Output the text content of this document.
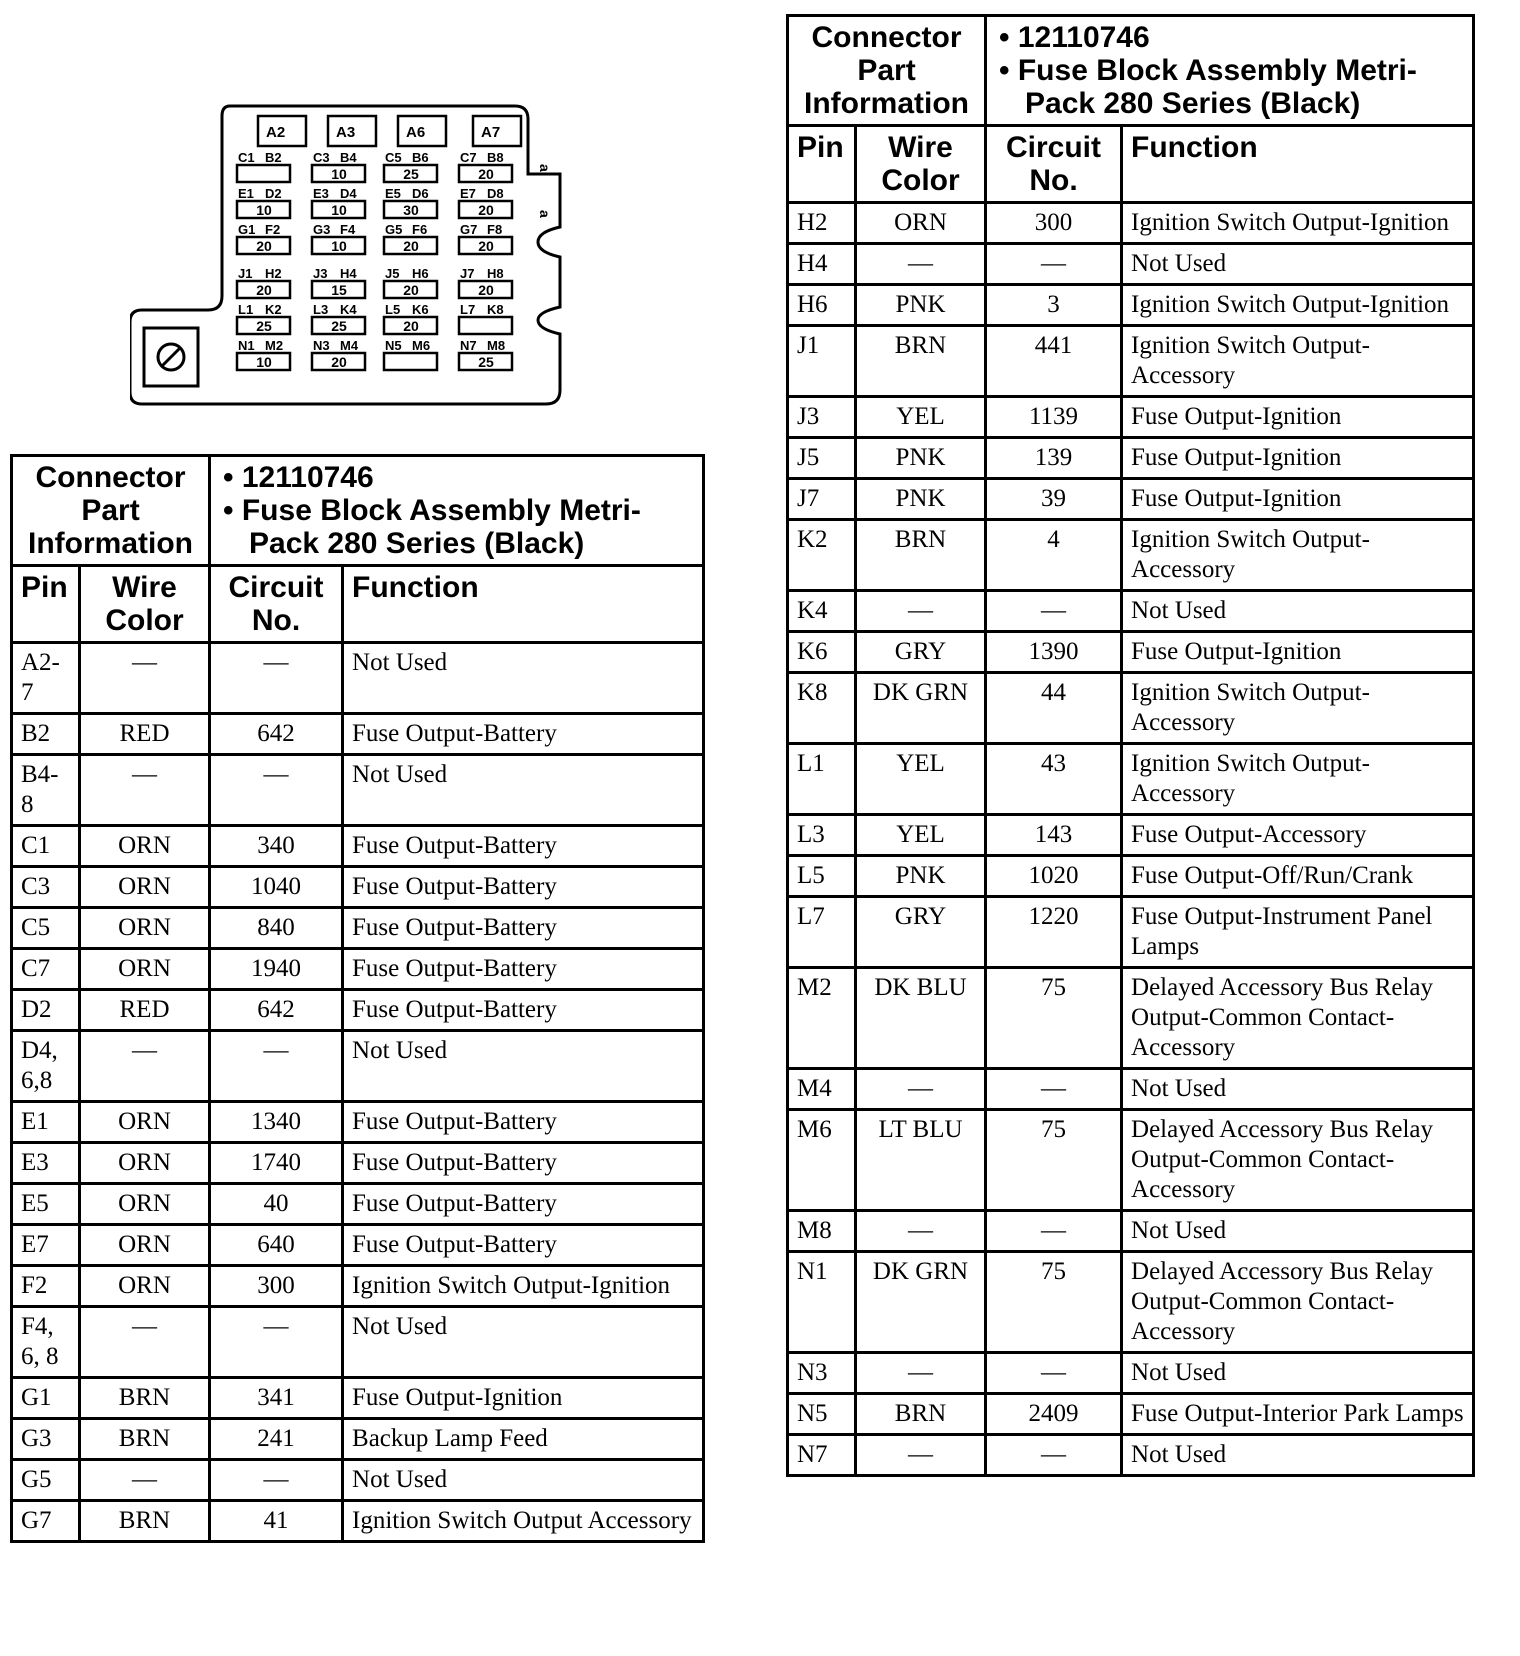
A2	A3	A6	A7
C1 B2 C3 B4
10
C5 B6
25
C7 B8
20
E1 D2
10
E3 D4
10
E5 D6
30
E7 D8
20
G1 F2
20
G3 F4
10
G5 F6
20
G7 F8
20
J1 H2
20
J3 H4
15
J5 H6
20
J7 H8
20
L1 K2
25
L3 K4
25
L5 K6
20
L7 K8
N1 M2
10
N3 M4
20
N5 M6 N7 M8
25
a
a
Connector Part Information		• 12110746
• Fuse Block Assembly Metri-Pack 280 Series (Black)	

Pin	Wire Color	Circuit No.	Function
A2-7	—	—	Not Used
B2	RED	642	Fuse Output-Battery
B4-8	—	—	Not Used
C1	ORN	340	Fuse Output-Battery
C3	ORN	1040	Fuse Output-Battery
C5	ORN	840	Fuse Output-Battery
C7	ORN	1940	Fuse Output-Battery
D2	RED	642	Fuse Output-Battery
D4, 6,8	—	—	Not Used
E1	ORN	1340	Fuse Output-Battery
E3	ORN	1740	Fuse Output-Battery
E5	ORN	40	Fuse Output-Battery
E7	ORN	640	Fuse Output-Battery
F2	ORN	300	Ignition Switch Output-Ignition
F4, 6, 8	—	—	Not Used
G1	BRN	341	Fuse Output-Ignition
G3	BRN	241	Backup Lamp Feed
G5	—	—	Not Used
G7	BRN	41	Ignition Switch Output Accessory
Connector Part Information		• 12110746
• Fuse Block Assembly Metri-Pack 280 Series (Black)	

Pin	Wire Color	Circuit No.	Function
H2	ORN	300	Ignition Switch Output-Ignition
H4	—	—	Not Used
H6	PNK	3	Ignition Switch Output-Ignition
J1	BRN	441	Ignition Switch Output-Accessory
J3	YEL	1139	Fuse Output-Ignition
J5	PNK	139	Fuse Output-Ignition
J7	PNK	39	Fuse Output-Ignition
K2	BRN	4	Ignition Switch Output-Accessory
K4	—	—	Not Used
K6	GRY	1390	Fuse Output-Ignition
K8	DK GRN	44	Ignition Switch Output-Accessory
L1	YEL	43	Ignition Switch Output-Accessory
L3	YEL	143	Fuse Output-Accessory
L5	PNK	1020	Fuse Output-Off/Run/Crank
L7	GRY	1220	Fuse Output-Instrument Panel Lamps
M2	DK BLU	75	Delayed Accessory Bus Relay Output-Common Contact-Accessory
M4	—	—	Not Used
M6	LT BLU	75	Delayed Accessory Bus Relay Output-Common Contact-Accessory
M8	—	—	Not Used
N1	DK GRN	75	Delayed Accessory Bus Relay Output-Common Contact-Accessory
N3	—	—	Not Used
N5	BRN	2409	Fuse Output-Interior Park Lamps
N7	—	—	Not Used
